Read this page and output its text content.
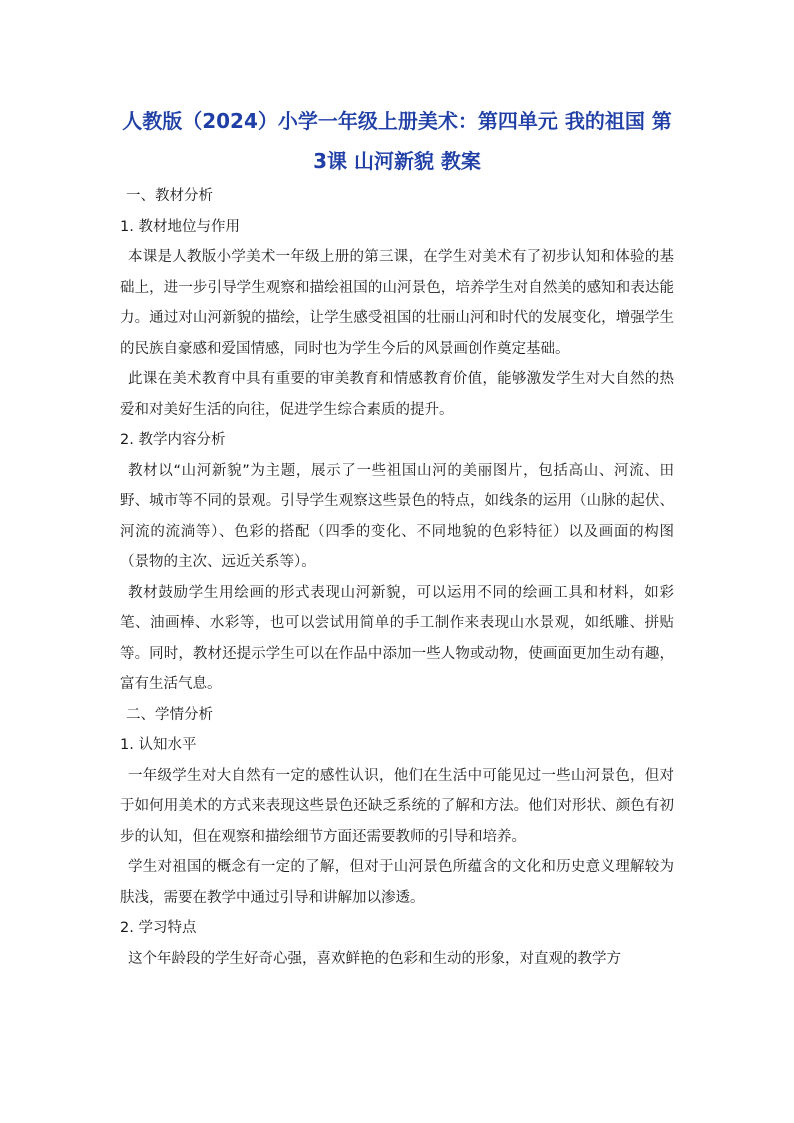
人教版（2024）小学一年级上册美术：第四单元 我的祖国 第3课 山河新貌 教案
一、教材分析
1. 教材地位与作用

本课是人教版小学美术一年级上册的第三课，在学生对美术有了初步认知和体验的基础上，进一步引导学生观察和描绘祖国的山河景色，培养学生对自然美的感知和表达能力。通过对山河新貌的描绘，让学生感受祖国的壮丽山河和时代的发展变化，增强学生的民族自豪感和爱国情感，同时也为学生今后的风景画创作奠定基础。

此课在美术教育中具有重要的审美教育和情感教育价值，能够激发学生对大自然的热爱和对美好生活的向往，促进学生综合素质的提升。

2. 教学内容分析

教材以“山河新貌”为主题，展示了一些祖国山河的美丽图片，包括高山、河流、田野、城市等不同的景观。引导学生观察这些景色的特点，如线条的运用（山脉的起伏、河流的流淌等）、色彩的搭配（四季的变化、不同地貌的色彩特征）以及画面的构图（景物的主次、远近关系等）。

教材鼓励学生用绘画的形式表现山河新貌，可以运用不同的绘画工具和材料，如彩笔、油画棒、水彩等，也可以尝试用简单的手工制作来表现山水景观，如纸雕、拼贴等。同时，教材还提示学生可以在作品中添加一些人物或动物，使画面更加生动有趣，富有生活气息。

二、学情分析
1. 认知水平

一年级学生对大自然有一定的感性认识，他们在生活中可能见过一些山河景色，但对于如何用美术的方式来表现这些景色还缺乏系统的了解和方法。他们对形状、颜色有初步的认知，但在观察和描绘细节方面还需要教师的引导和培养。

学生对祖国的概念有一定的了解，但对于山河景色所蕴含的文化和历史意义理解较为肤浅，需要在教学中通过引导和讲解加以渗透。

2. 学习特点

这个年龄段的学生好奇心强，喜欢鲜艳的色彩和生动的形象，对直观的教学方
